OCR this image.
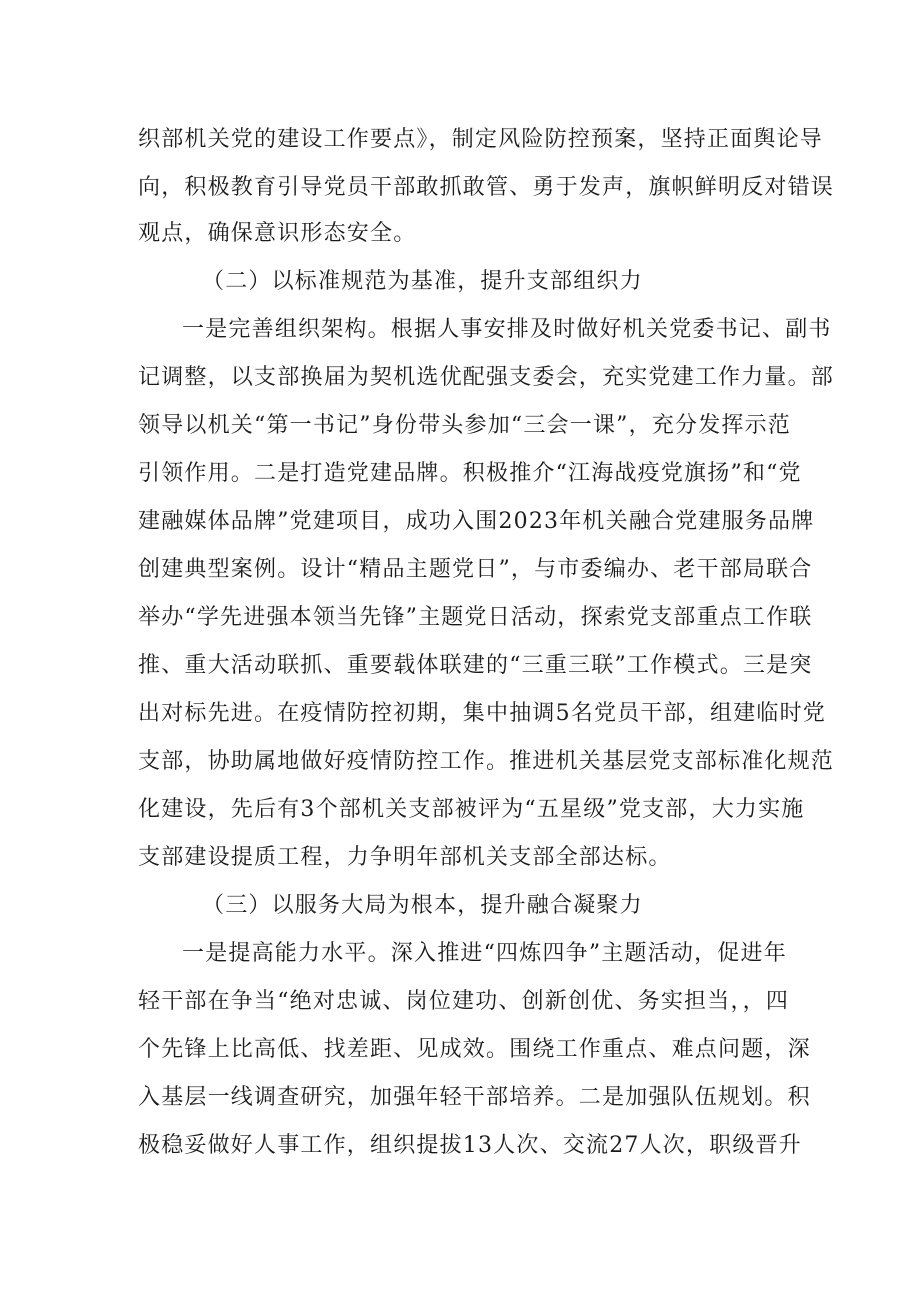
织部机关党的建设工作要点》，制定风险防控预案，坚持正面舆论导
向，积极教育引导党员干部敢抓敢管、勇于发声，旗帜鲜明反对错误
观点，确保意识形态安全。
（二）以标准规范为基准，提升支部组织力
一是完善组织架构。根据人事安排及时做好机关党委书记、副书
记调整，以支部换届为契机选优配强支委会，充实党建工作力量。部
领导以机关“第一书记”身份带头参加“三会一课”，充分发挥示范
引领作用。二是打造党建品牌。积极推介“江海战疫党旗扬”和“党
建融媒体品牌”党建项目，成功入围2023年机关融合党建服务品牌
创建典型案例。设计“精品主题党日”，与市委编办、老干部局联合
举办“学先进强本领当先锋”主题党日活动，探索党支部重点工作联
推、重大活动联抓、重要载体联建的“三重三联”工作模式。三是突
出对标先进。在疫情防控初期，集中抽调5名党员干部，组建临时党
支部，协助属地做好疫情防控工作。推进机关基层党支部标准化规范
化建设，先后有3个部机关支部被评为“五星级”党支部，大力实施
支部建设提质工程，力争明年部机关支部全部达标。
（三）以服务大局为根本，提升融合凝聚力
一是提高能力水平。深入推进“四炼四争”主题活动，促进年
轻干部在争当“绝对忠诚、岗位建功、创新创优、务实担当，，四
个先锋上比高低、找差距、见成效。围绕工作重点、难点问题，深
入基层一线调查研究，加强年轻干部培养。二是加强队伍规划。积
极稳妥做好人事工作，组织提拔13人次、交流27人次，职级晋升
